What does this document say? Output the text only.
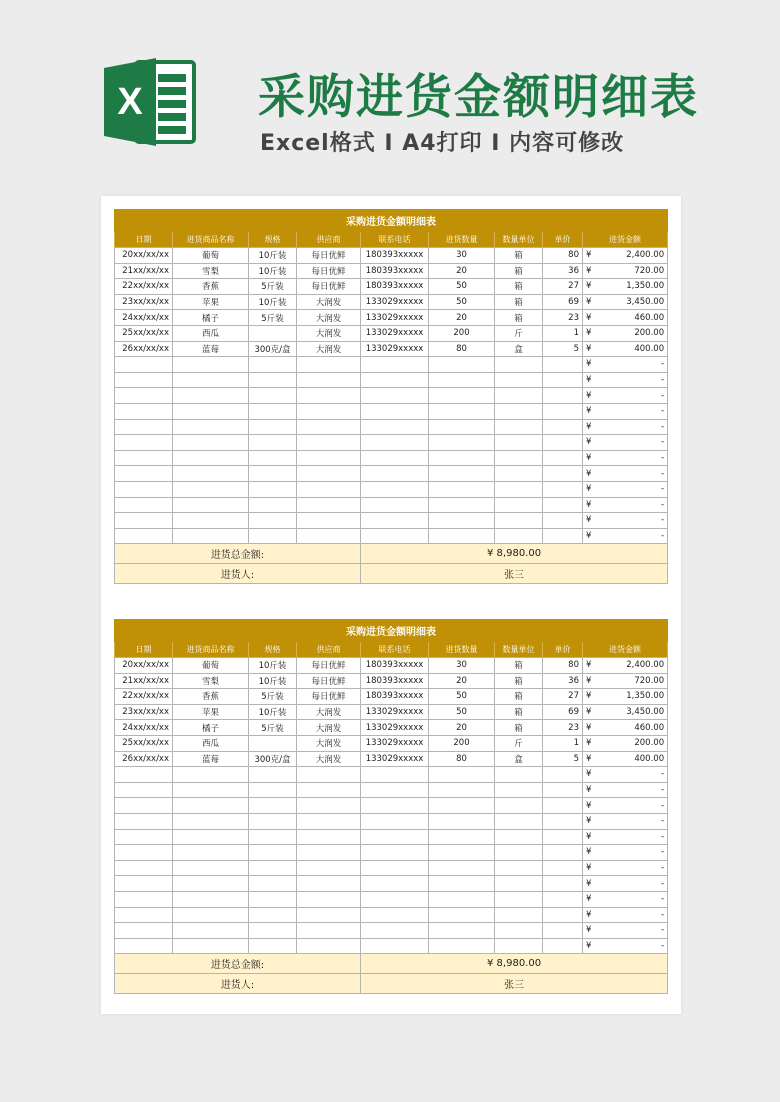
X 采购进货金额明细表
Excel格式 I A4打印 I 内容可修改
采购进货金额明细表								
日期	进货商品名称	规格	供应商	联系电话	进货数量	数量单位	单价	进货金额
20xx/xx/xx	葡萄	10斤装	每日优鲜	180393xxxxx	30	箱	80	¥ 2,400.00

21xx/xx/xx	雪梨	10斤装	每日优鲜	180393xxxxx	20	箱	36	¥ 720.00

22xx/xx/xx	香蕉	5斤装	每日优鲜	180393xxxxx	50	箱	27	¥ 1,350.00

23xx/xx/xx	苹果	10斤装	大润发	133029xxxxx	50	箱	69	¥ 3,450.00

24xx/xx/xx	橘子	5斤装	大润发	133029xxxxx	20	箱	23	¥ 460.00

25xx/xx/xx	西瓜		大润发	133029xxxxx	200	斤	1	¥ 200.00

26xx/xx/xx	蓝莓	300克/盒	大润发	133029xxxxx	80	盒	5	¥ 400.00

								¥ -

								¥ -

								¥ -

								¥ -

								¥ -

								¥ -

								¥ -

								¥ -

								¥ -

								¥ -

								¥ -

								¥ -

进货总金额:				¥ 8,980.00				
进货人:				张三				
采购进货金额明细表								
日期	进货商品名称	规格	供应商	联系电话	进货数量	数量单位	单价	进货金额
20xx/xx/xx	葡萄	10斤装	每日优鲜	180393xxxxx	30	箱	80	¥ 2,400.00

21xx/xx/xx	雪梨	10斤装	每日优鲜	180393xxxxx	20	箱	36	¥ 720.00

22xx/xx/xx	香蕉	5斤装	每日优鲜	180393xxxxx	50	箱	27	¥ 1,350.00

23xx/xx/xx	苹果	10斤装	大润发	133029xxxxx	50	箱	69	¥ 3,450.00

24xx/xx/xx	橘子	5斤装	大润发	133029xxxxx	20	箱	23	¥ 460.00

25xx/xx/xx	西瓜		大润发	133029xxxxx	200	斤	1	¥ 200.00

26xx/xx/xx	蓝莓	300克/盒	大润发	133029xxxxx	80	盒	5	¥ 400.00

								¥ -

								¥ -

								¥ -

								¥ -

								¥ -

								¥ -

								¥ -

								¥ -

								¥ -

								¥ -

								¥ -

								¥ -

进货总金额:				¥ 8,980.00				
进货人:				张三				
